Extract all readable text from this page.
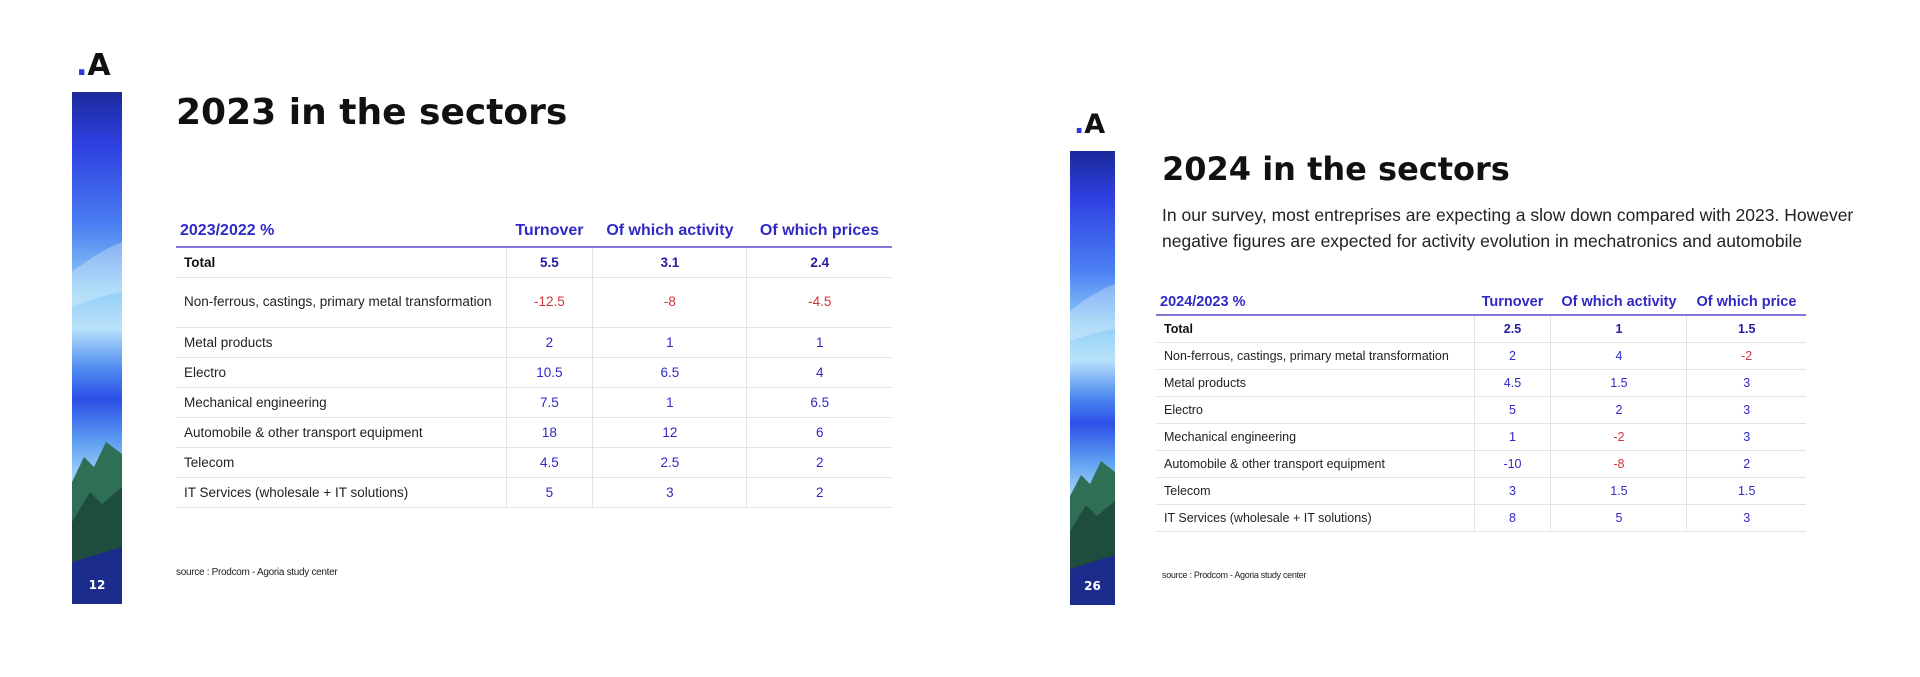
.A
12
2023 in the sectors
2023/2022 %	Turnover	Of which activity	Of which prices
Total	5.5	3.1	2.4
Non-ferrous, castings, primary metal transformation	-12.5	-8	-4.5
Metal products	2	1	1
Electro	10.5	6.5	4
Mechanical engineering	7.5	1	6.5
Automobile & other transport equipment	18	12	6
Telecom	4.5	2.5	2
IT Services (wholesale + IT solutions)	5	3	2
source : Prodcom - Agoria study center
.A
26
2024 in the sectors

In our survey, most entreprises are expecting a slow down compared with 2023. However negative figures are expected for activity evolution in mechatronics and automobile

2024/2023 %	Turnover	Of which activity	Of which price
Total	2.5	1	1.5
Non-ferrous, castings, primary metal transformation	2	4	-2
Metal products	4.5	1.5	3
Electro	5	2	3
Mechanical engineering	1	-2	3
Automobile & other transport equipment	-10	-8	2
Telecom	3	1.5	1.5
IT Services (wholesale + IT solutions)	8	5	3
source : Prodcom - Agoria study center
